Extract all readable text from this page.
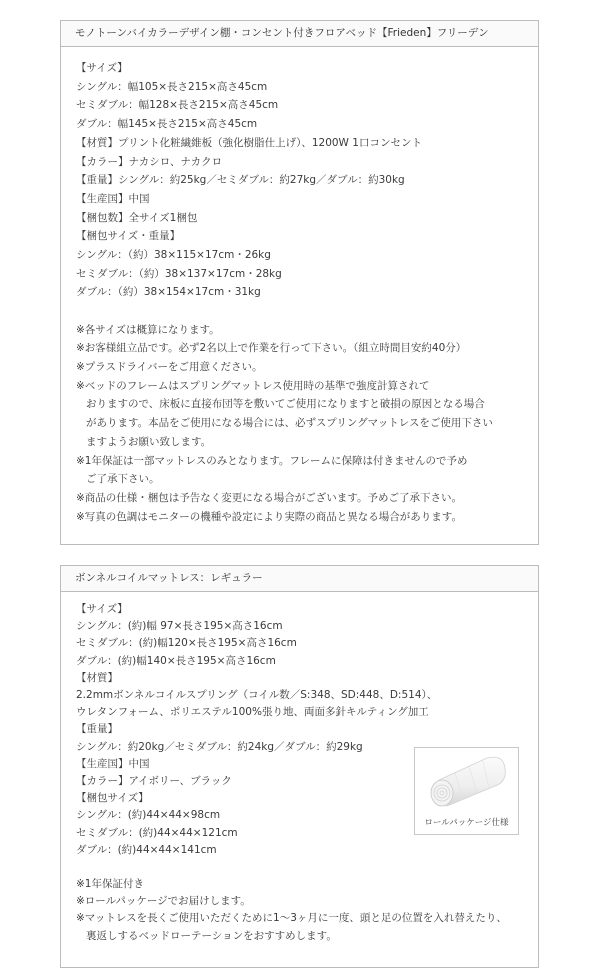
モノトーンバイカラーデザイン棚・コンセント付きフロアベッド【Frieden】フリーデン
【サイズ】
シングル：幅105×長さ215×高さ45cm
セミダブル：幅128×長さ215×高さ45cm
ダブル：幅145×長さ215×高さ45cm
【材質】プリント化粧繊維板（強化樹脂仕上げ）、1200W 1口コンセント
【カラー】ナカシロ、ナカクロ
【重量】シングル：約25kg／セミダブル：約27kg／ダブル：約30kg
【生産国】中国
【梱包数】全サイズ1梱包
【梱包サイズ・重量】
シングル：（約）38×115×17cm・26kg
セミダブル：（約）38×137×17cm・28kg
ダブル：（約）38×154×17cm・31kg
※各サイズは概算になります。
※お客様組立品です。必ず2名以上で作業を行って下さい。（組立時間目安約40分）
※プラスドライバーをご用意ください。
※ベッドのフレームはスプリングマットレス使用時の基準で強度計算されて
おりますので、床板に直接布団等を敷いてご使用になりますと破損の原因となる場合
があります。本品をご使用になる場合には、必ずスプリングマットレスをご使用下さい
ますようお願い致します。
※1年保証は一部マットレスのみとなります。フレームに保障は付きませんので予め
ご了承下さい。
※商品の仕様・梱包は予告なく変更になる場合がございます。予めご了承下さい。
※写真の色調はモニターの機種や設定により実際の商品と異なる場合があります。
ボンネルコイルマットレス：レギュラー
【サイズ】
シングル：(約)幅 97×長さ195×高さ16cm
セミダブル：(約)幅120×長さ195×高さ16cm
ダブル：(約)幅140×長さ195×高さ16cm
【材質】
2.2mmボンネルコイルスプリング（コイル数／S:348、SD:448、D:514）、
ウレタンフォーム、ポリエステル100%張り地、両面多針キルティング加工
【重量】
シングル：約20kg／セミダブル：約24kg／ダブル：約29kg
【生産国】中国
【カラー】アイボリー、ブラック
【梱包サイズ】
シングル：(約)44×44×98cm
セミダブル：(約)44×44×121cm
ダブル：(約)44×44×141cm
※1年保証付き
※ロールパッケージでお届けします。
※マットレスを長くご使用いただくために1～3ヶ月に一度、頭と足の位置を入れ替えたり、
裏返しするベッドローテーションをおすすめします。
ロールパッケージ仕様
